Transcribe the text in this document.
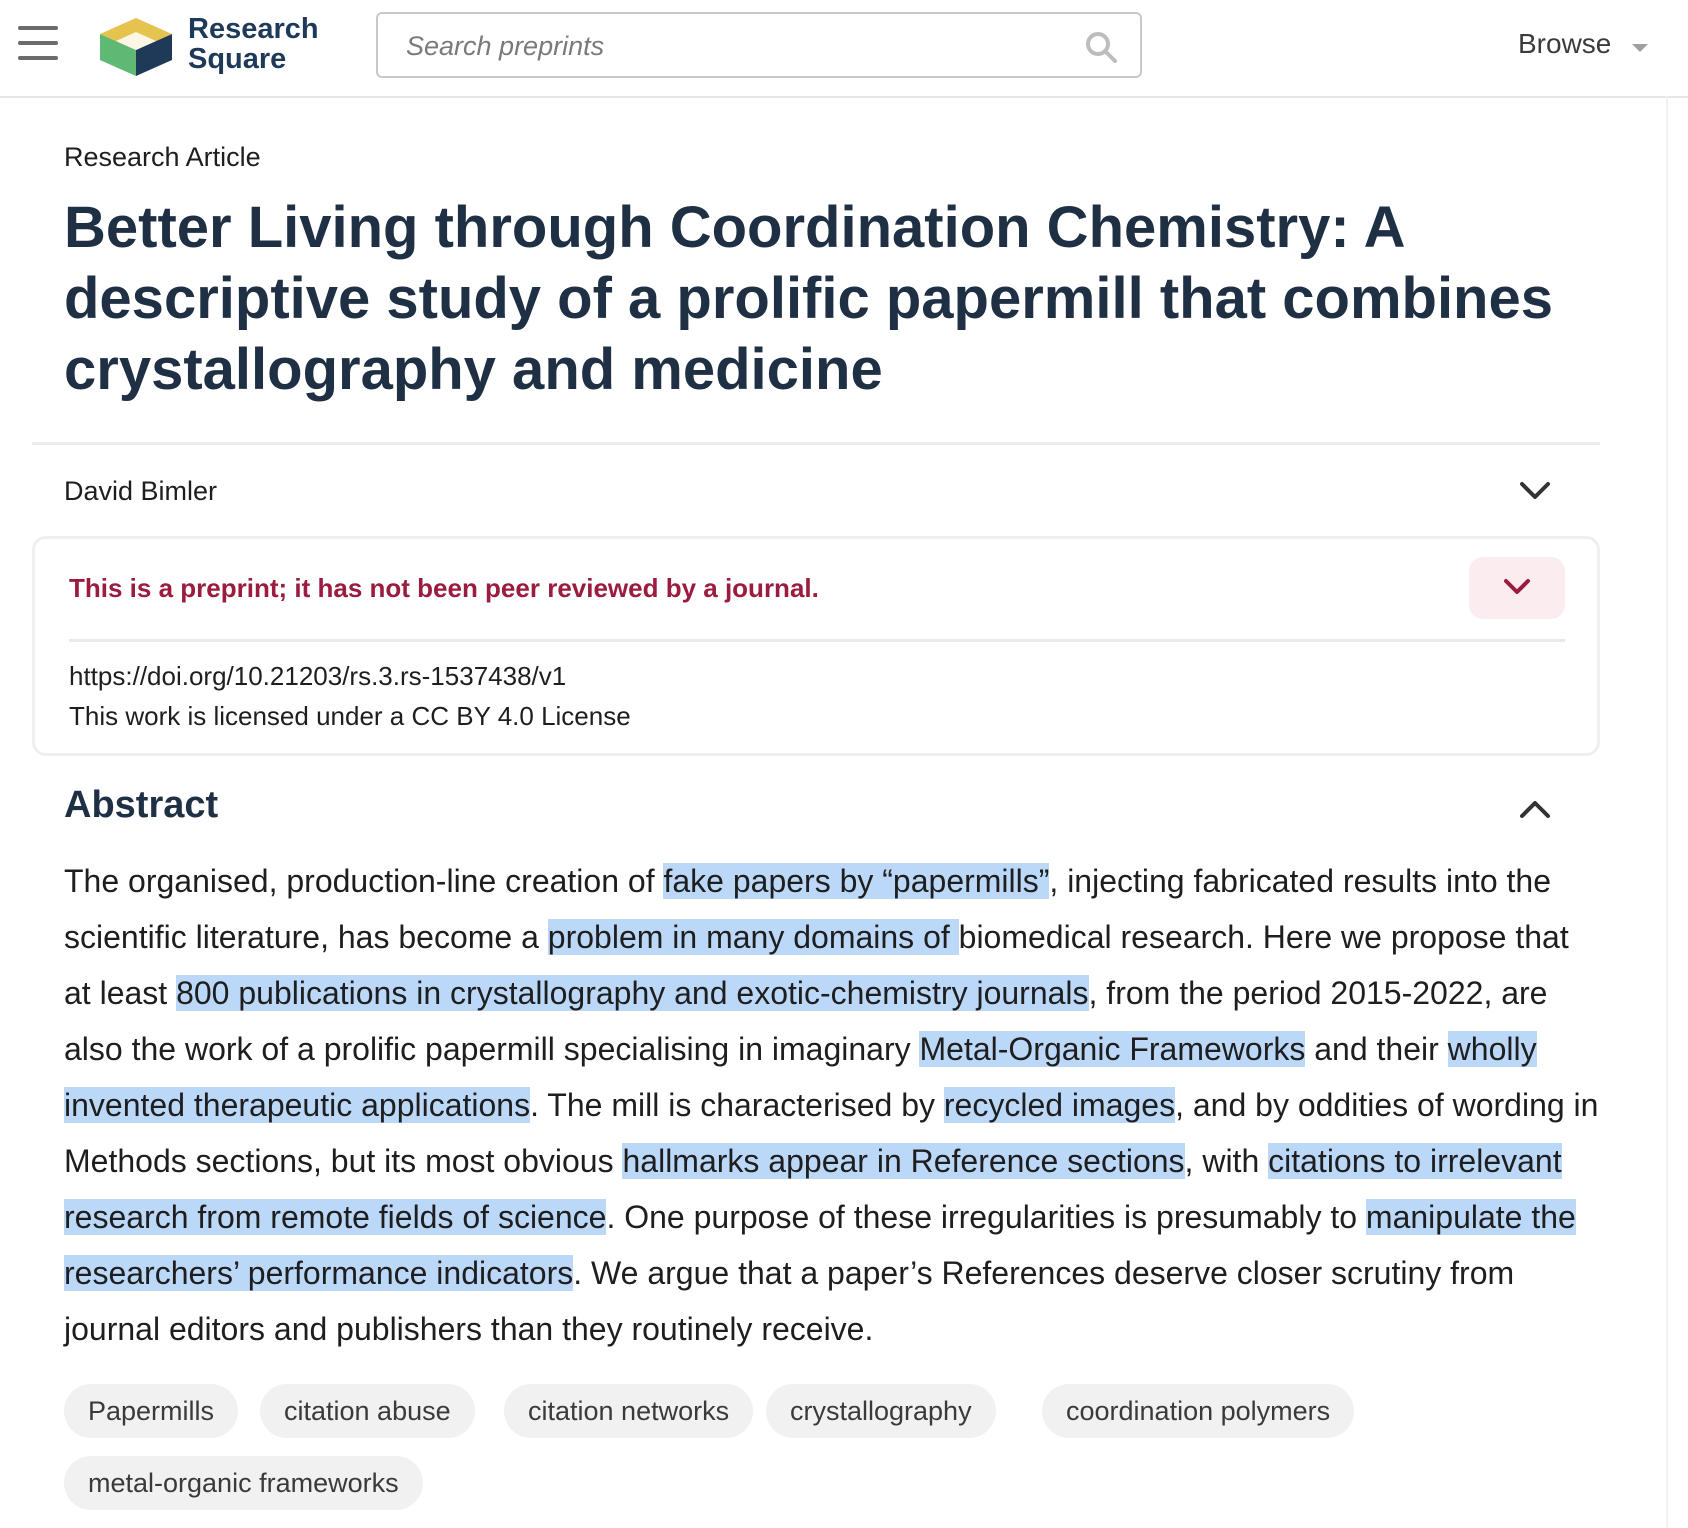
Research
Square
Search preprints	Browse
Research Article
Better Living through Coordination Chemistry: A descriptive study of a prolific papermill that combines crystallography and medicine
David Bimler
This is a preprint; it has not been peer reviewed by a journal.
https://doi.org/10.21203/rs.3.rs-1537438/v1
This work is licensed under a CC BY 4.0 License
Abstract

The organised, production-line creation of fake papers by “papermills”, injecting fabricated results into the scientific literature, has become a problem in many domains of biomedical research. Here we propose that at least 800 publications in crystallography and exotic-chemistry journals, from the period 2015-2022, are also the work of a prolific papermill specialising in imaginary Metal-Organic Frameworks and their wholly invented therapeutic applications. The mill is characterised by recycled images, and by oddities of wording in Methods sections, but its most obvious hallmarks appear in Reference sections, with citations to irrelevant research from remote fields of science. One purpose of these irregularities is presumably to manipulate the researchers’ performance indicators. We argue that a paper’s References deserve closer scrutiny from journal editors and publishers than they routinely receive.

Papermills	citation abuse	citation networks	crystallography	coordination polymers
metal-organic frameworks
